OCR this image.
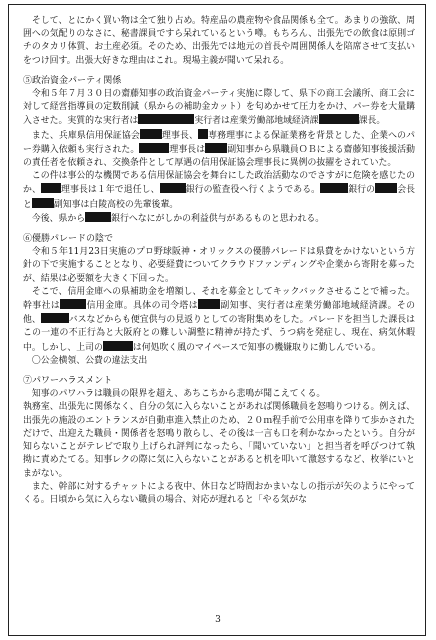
そして、とにかく買い物は全て独り占め。特産品の農産物や食品関係も全て。あまりの強欲、周囲への気配りのなさに、秘書課員ですら呆れているという噂。もちろん、出張先での飲食は原則ゴチのタカリ体質、お土産必須。そのため、出張先では地元の首長や周囲関係人を陪席させて支払いをつけ回す。出張大好きな理由はこれ。現場主義が聞いて呆れる。

⑤政治資金パーティ関係

令和５年７月３０日の齋藤知事の政治資金パーティ実施に際して、県下の商工会議所、商工会に対して経営指導員の定数削減（県からの補助金カット）を匂めかせて圧力をかけ、パー券を大量購入させた。実質的な実行者は	実行者は産業労働部地域経済課	課長。

また、兵庫県信用保証協会 理事長、 専務理事による保証業務を背景とした、企業へのパー券購入依頼も実行された。	理事長は 副知事から県職員ＯＢによる齋藤知事後援活動の責任者を依頼され、交換条件として厚遇の信用保証協会理事長に異例の抜擢をされていた。

この件は事公的な機関である信用保証協会を舞台にした政治活動なのでさすがに危険を感じたのか、 理事長は１年で退任し、	銀行の監査役へ行くようである。	銀行の 会長と 副知事は白陵高校の先輩後輩。

今後、県から	銀行へなにがしかの利益供与があるものと思われる。

⑥優勝パレードの陰で

令和５年11月23日実施のプロ野球阪神・オリックスの優勝パレードは県費をかけないという方針の下で実施することとなり、必要経費についてクラウドファンディングや企業から寄附を募ったが、結果は必要額を大きく下回った。

そこで、信用金庫への県補助金を増額し、それを募金としてキックバックさせることで補った。幹事社は	信用金庫。具体の司令塔は 副知事、実行者は産業労働部地域経済課。その他、	バスなどからも便宜供与の見返りとしての寄附集めをした。パレードを担当した課長はこの一連の不正行為と大阪府との難しい調整に精神が持たず、うつ病を発症し、現在、病気休暇中。しかし、上司の	は何処吹く風のマイペースで知事の機嫌取りに勤しんでいる。

〇公金横領、公費の違法支出

⑦パワーハラスメント

知事のパワハラは職員の限界を超え、あちこちから悲鳴が聞こえてくる。

執務室、出張先に関係なく、自分の気に入らないことがあれば関係職員を怒鳴りつける。例えば、出張先の施設のエントランスが自動車進入禁止のため、２０ｍ程手前で公用車を降りて歩かされただけで、出迎えた職員・関係者を怒鳴り散らし、その後は一言も口を利かなかったという。自分が知らないことがテレビで取り上げられ評判になったら、「聞いていない」と担当者を呼びつけて執拗に責めたてる。知事レクの際に気に入らないことがあると机を叩いて激怒するなど、枚挙にいとまがない。

また、幹部に対するチャットによる夜中、休日など時間おかまいなしの指示が矢のようにやってくる。日頃から気に入らない職員の場合、対応が遅れると「やる気がな

3
